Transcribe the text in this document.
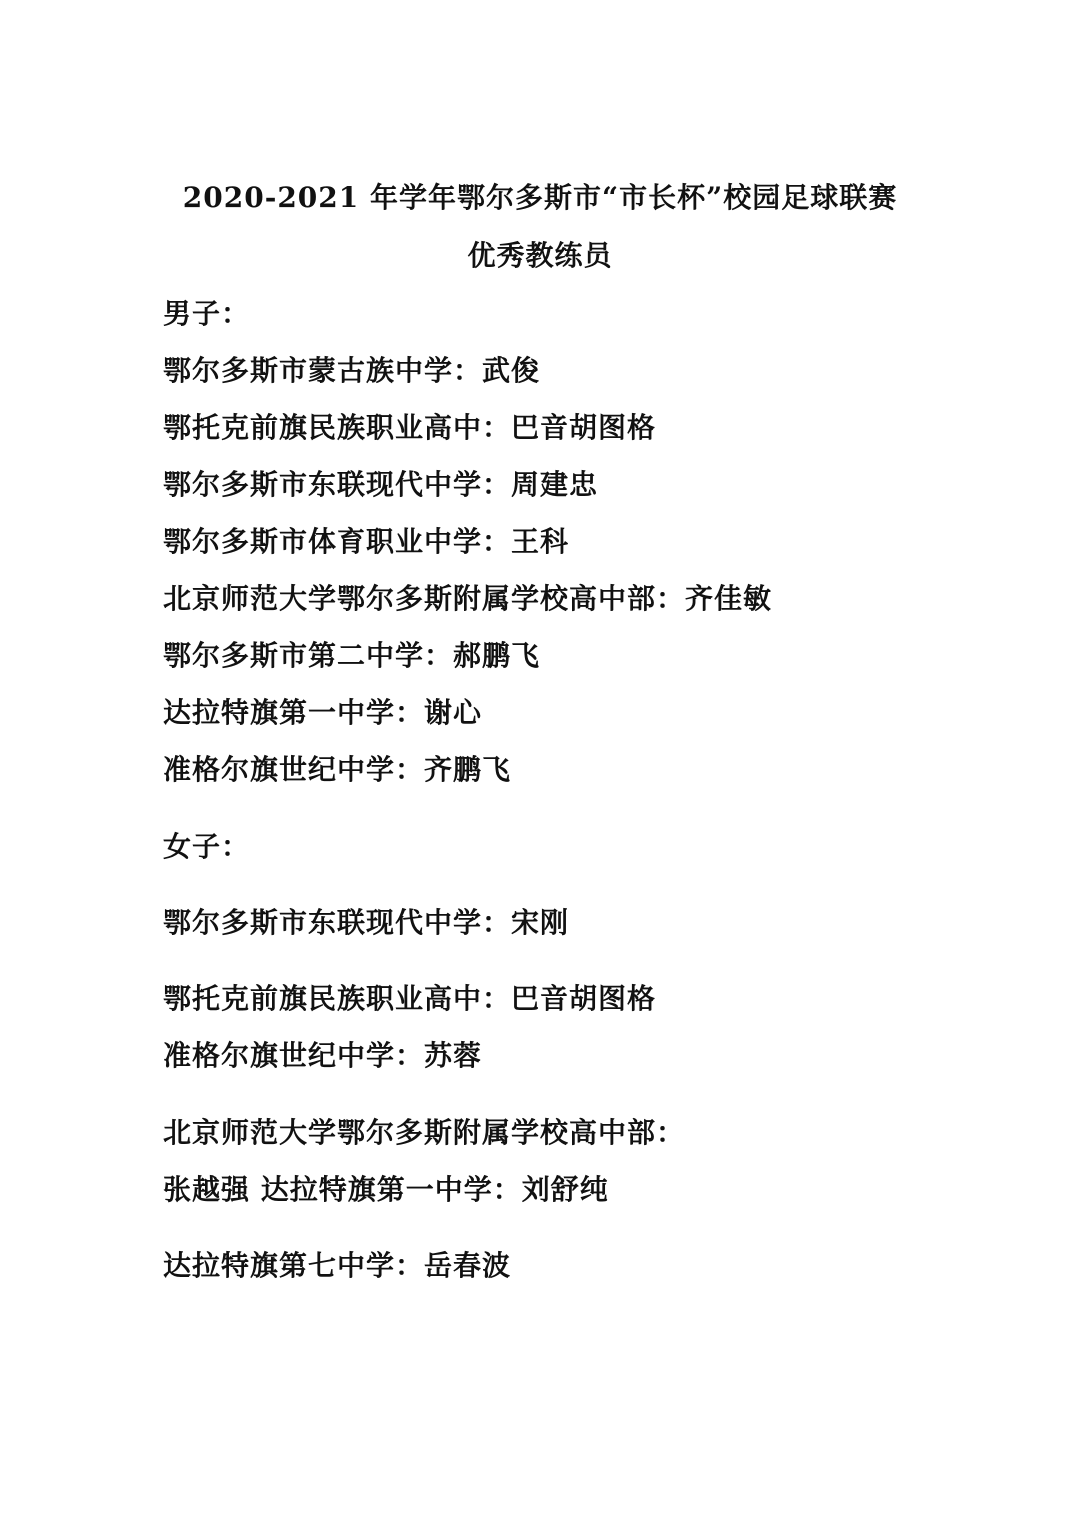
2020-2021 年学年鄂尔多斯市“市长杯”校园足球联赛
优秀教练员
男子：
鄂尔多斯市蒙古族中学：武俊
鄂托克前旗民族职业高中：巴音胡图格
鄂尔多斯市东联现代中学：周建忠
鄂尔多斯市体育职业中学：王科
北京师范大学鄂尔多斯附属学校高中部：齐佳敏
鄂尔多斯市第二中学：郝鹏飞
达拉特旗第一中学：谢心
准格尔旗世纪中学：齐鹏飞
女子：
鄂尔多斯市东联现代中学：宋刚
鄂托克前旗民族职业高中：巴音胡图格
准格尔旗世纪中学：苏蓉
北京师范大学鄂尔多斯附属学校高中部：
张越强 达拉特旗第一中学：刘舒纯
达拉特旗第七中学：岳春波
